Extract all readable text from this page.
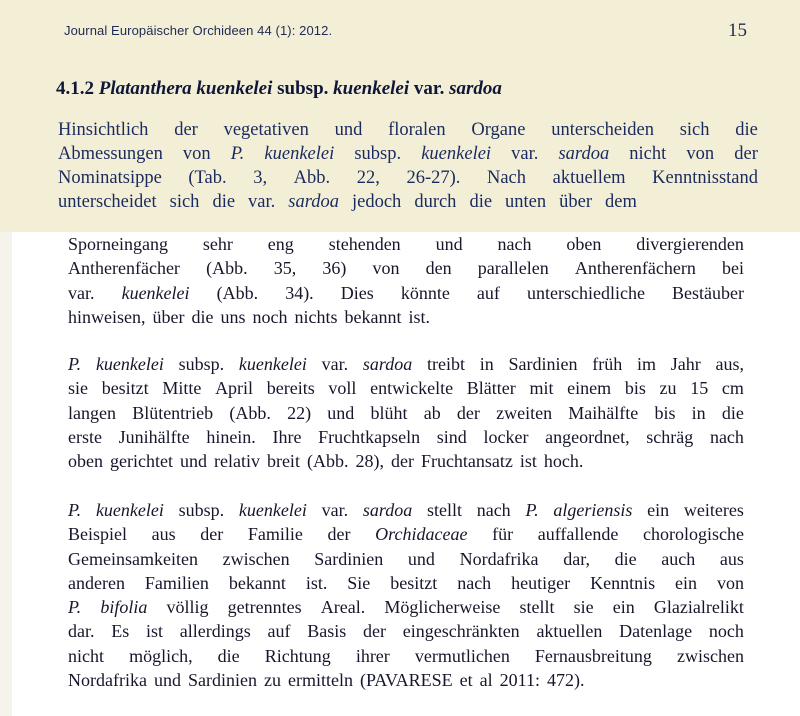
Journal Europäischer Orchideen 44 (1): 2012.	15
4.1.2 Platanthera kuenkelei subsp. kuenkelei var. sardoa
Hinsichtlich der vegetativen und floralen Organe unterscheiden sich die
Abmessungen von P. kuenkelei subsp. kuenkelei var. sardoa nicht von der
Nominatsippe (Tab. 3, Abb. 22, 26-27). Nach aktuellem Kenntnisstand
unterscheidet sich die var. sardoa jedoch durch die unten über dem
Sporneingang sehr eng stehenden und nach oben divergierenden
Antherenfächer (Abb. 35, 36) von den parallelen Antherenfächern bei
var. kuenkelei (Abb. 34). Dies könnte auf unterschiedliche Bestäuber
hinweisen, über die uns noch nichts bekannt ist.
P. kuenkelei subsp. kuenkelei var. sardoa treibt in Sardinien früh im Jahr aus,
sie besitzt Mitte April bereits voll entwickelte Blätter mit einem bis zu 15 cm
langen Blütentrieb (Abb. 22) und blüht ab der zweiten Maihälfte bis in die
erste Junihälfte hinein. Ihre Fruchtkapseln sind locker angeordnet, schräg nach
oben gerichtet und relativ breit (Abb. 28), der Fruchtansatz ist hoch.
P. kuenkelei subsp. kuenkelei var. sardoa stellt nach P. algeriensis ein weiteres
Beispiel aus der Familie der Orchidaceae für auffallende chorologische
Gemeinsamkeiten zwischen Sardinien und Nordafrika dar, die auch aus
anderen Familien bekannt ist. Sie besitzt nach heutiger Kenntnis ein von
P. bifolia völlig getrenntes Areal. Möglicherweise stellt sie ein Glazialrelikt
dar. Es ist allerdings auf Basis der eingeschränkten aktuellen Datenlage noch
nicht möglich, die Richtung ihrer vermutlichen Fernausbreitung zwischen
Nordafrika und Sardinien zu ermitteln (PAVARESE et al 2011: 472).
